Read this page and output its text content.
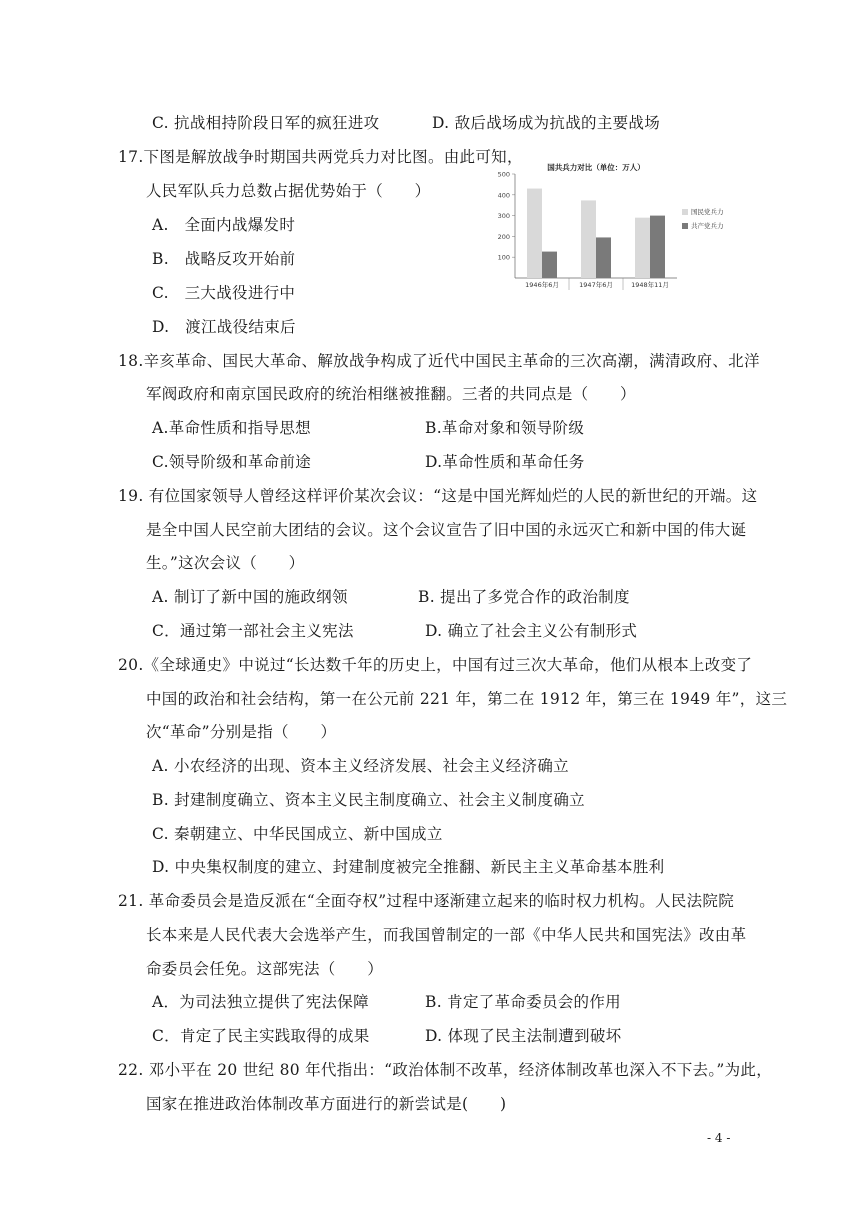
C. 抗战相持阶段日军的疯狂进攻	D. 敌后战场成为抗战的主要战场
17.下图是解放战争时期国共两党兵力对比图。由此可知，
人民军队兵力总数占据优势始于（　　）
A.　全面内战爆发时
B.　战略反攻开始前
C.　三大战役进行中
D.　渡江战役结束后
国共兵力对比（单位：万人）
100
200
300
400
500
1946年6月	1947年6月	1948年11月
国民党兵力
共产党兵力
18.辛亥革命、国民大革命、解放战争构成了近代中国民主革命的三次高潮，满清政府、北洋
军阀政府和南京国民政府的统治相继被推翻。三者的共同点是（　　）
A.革命性质和指导思想	B.革命对象和领导阶级
C.领导阶级和革命前途	D.革命性质和革命任务
19. 有位国家领导人曾经这样评价某次会议：“这是中国光辉灿烂的人民的新世纪的开端。这
是全中国人民空前大团结的会议。这个会议宣告了旧中国的永远灭亡和新中国的伟大诞
生。”这次会议（　　）
A. 制订了新中国的施政纲领	B. 提出了多党合作的政治制度
C．通过第一部社会主义宪法	D. 确立了社会主义公有制形式
20.《全球通史》中说过“长达数千年的历史上，中国有过三次大革命，他们从根本上改变了
中国的政治和社会结构，第一在公元前 221 年，第二在 1912 年，第三在 1949 年”，这三
次“革命”分别是指（　　）
A. 小农经济的出现、资本主义经济发展、社会主义经济确立
B. 封建制度确立、资本主义民主制度确立、社会主义制度确立
C. 秦朝建立、中华民国成立、新中国成立
D. 中央集权制度的建立、封建制度被完全推翻、新民主主义革命基本胜利
21. 革命委员会是造反派在“全面夺权”过程中逐渐建立起来的临时权力机构。人民法院院
长本来是人民代表大会选举产生，而我国曾制定的一部《中华人民共和国宪法》改由革
命委员会任免。这部宪法（　　）
A．为司法独立提供了宪法保障	B. 肯定了革命委员会的作用
C．肯定了民主实践取得的成果	D. 体现了民主法制遭到破坏
22. 邓小平在 20 世纪 80 年代指出：“政治体制不改革，经济体制改革也深入不下去。”为此，
国家在推进政治体制改革方面进行的新尝试是(　　)
- 4 -
